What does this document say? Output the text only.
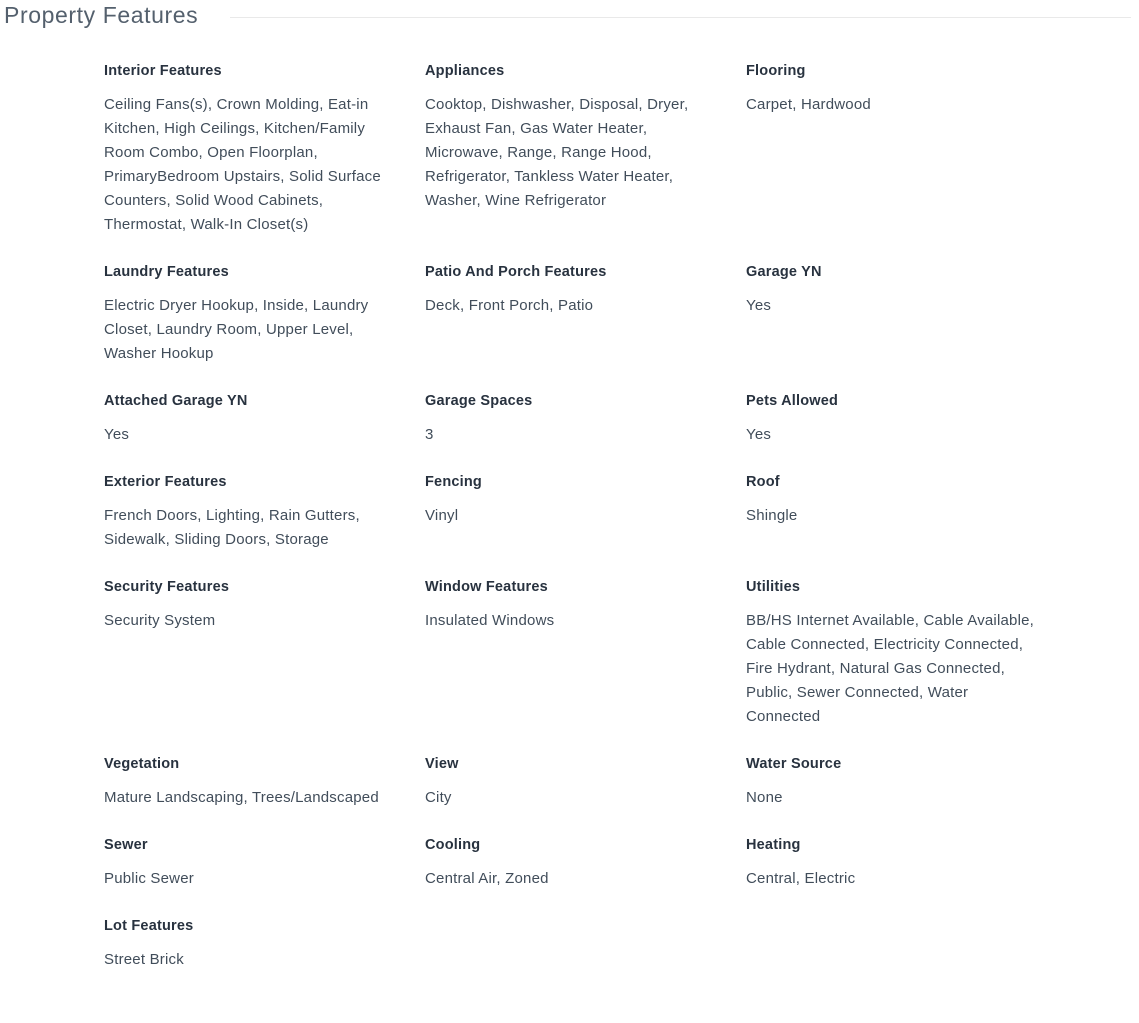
Property Features
Interior Features
Ceiling Fans(s), Crown Molding, Eat-in Kitchen, High Ceilings, Kitchen/Family Room Combo, Open Floorplan, PrimaryBedroom Upstairs, Solid Surface Counters, Solid Wood Cabinets, Thermostat, Walk-In Closet(s)
Appliances
Cooktop, Dishwasher, Disposal, Dryer, Exhaust Fan, Gas Water Heater, Microwave, Range, Range Hood, Refrigerator, Tankless Water Heater, Washer, Wine Refrigerator
Flooring
Carpet, Hardwood
Laundry Features
Electric Dryer Hookup, Inside, Laundry Closet, Laundry Room, Upper Level, Washer Hookup
Patio And Porch Features
Deck, Front Porch, Patio
Garage YN
Yes
Attached Garage YN
Yes
Garage Spaces
3
Pets Allowed
Yes
Exterior Features
French Doors, Lighting, Rain Gutters, Sidewalk, Sliding Doors, Storage
Fencing
Vinyl
Roof
Shingle
Security Features
Security System
Window Features
Insulated Windows
Utilities
BB/HS Internet Available, Cable Available, Cable Connected, Electricity Connected, Fire Hydrant, Natural Gas Connected, Public, Sewer Connected, Water Connected
Vegetation
Mature Landscaping, Trees/Landscaped
View
City
Water Source
None
Sewer
Public Sewer
Cooling
Central Air, Zoned
Heating
Central, Electric
Lot Features
Street Brick
